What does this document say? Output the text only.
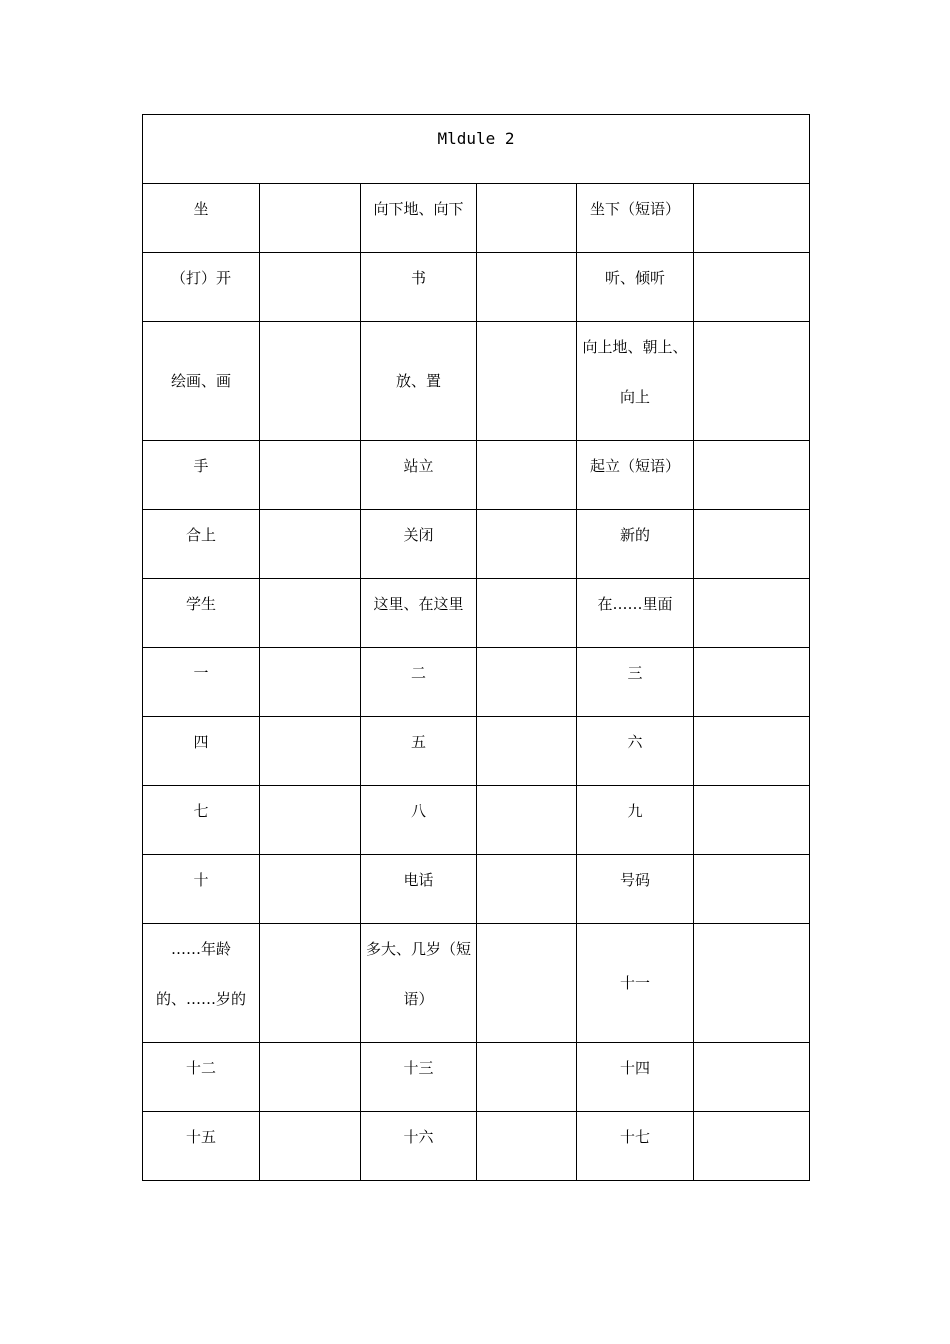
Mldule 2					

坐		向下地、向下		坐下（短语）	

（打）开		书		听、倾听	

绘画、画		放、置		向上地、朝上、向上	

手		站立		起立（短语）	

合上		关闭		新的	

学生		这里、在这里		在……里面	

一		二		三	

四		五		六	

七		八		九	

十		电话		号码	

……年龄的、……岁的		多大、几岁（短语）		十一	

十二		十三		十四	

十五		十六		十七	
